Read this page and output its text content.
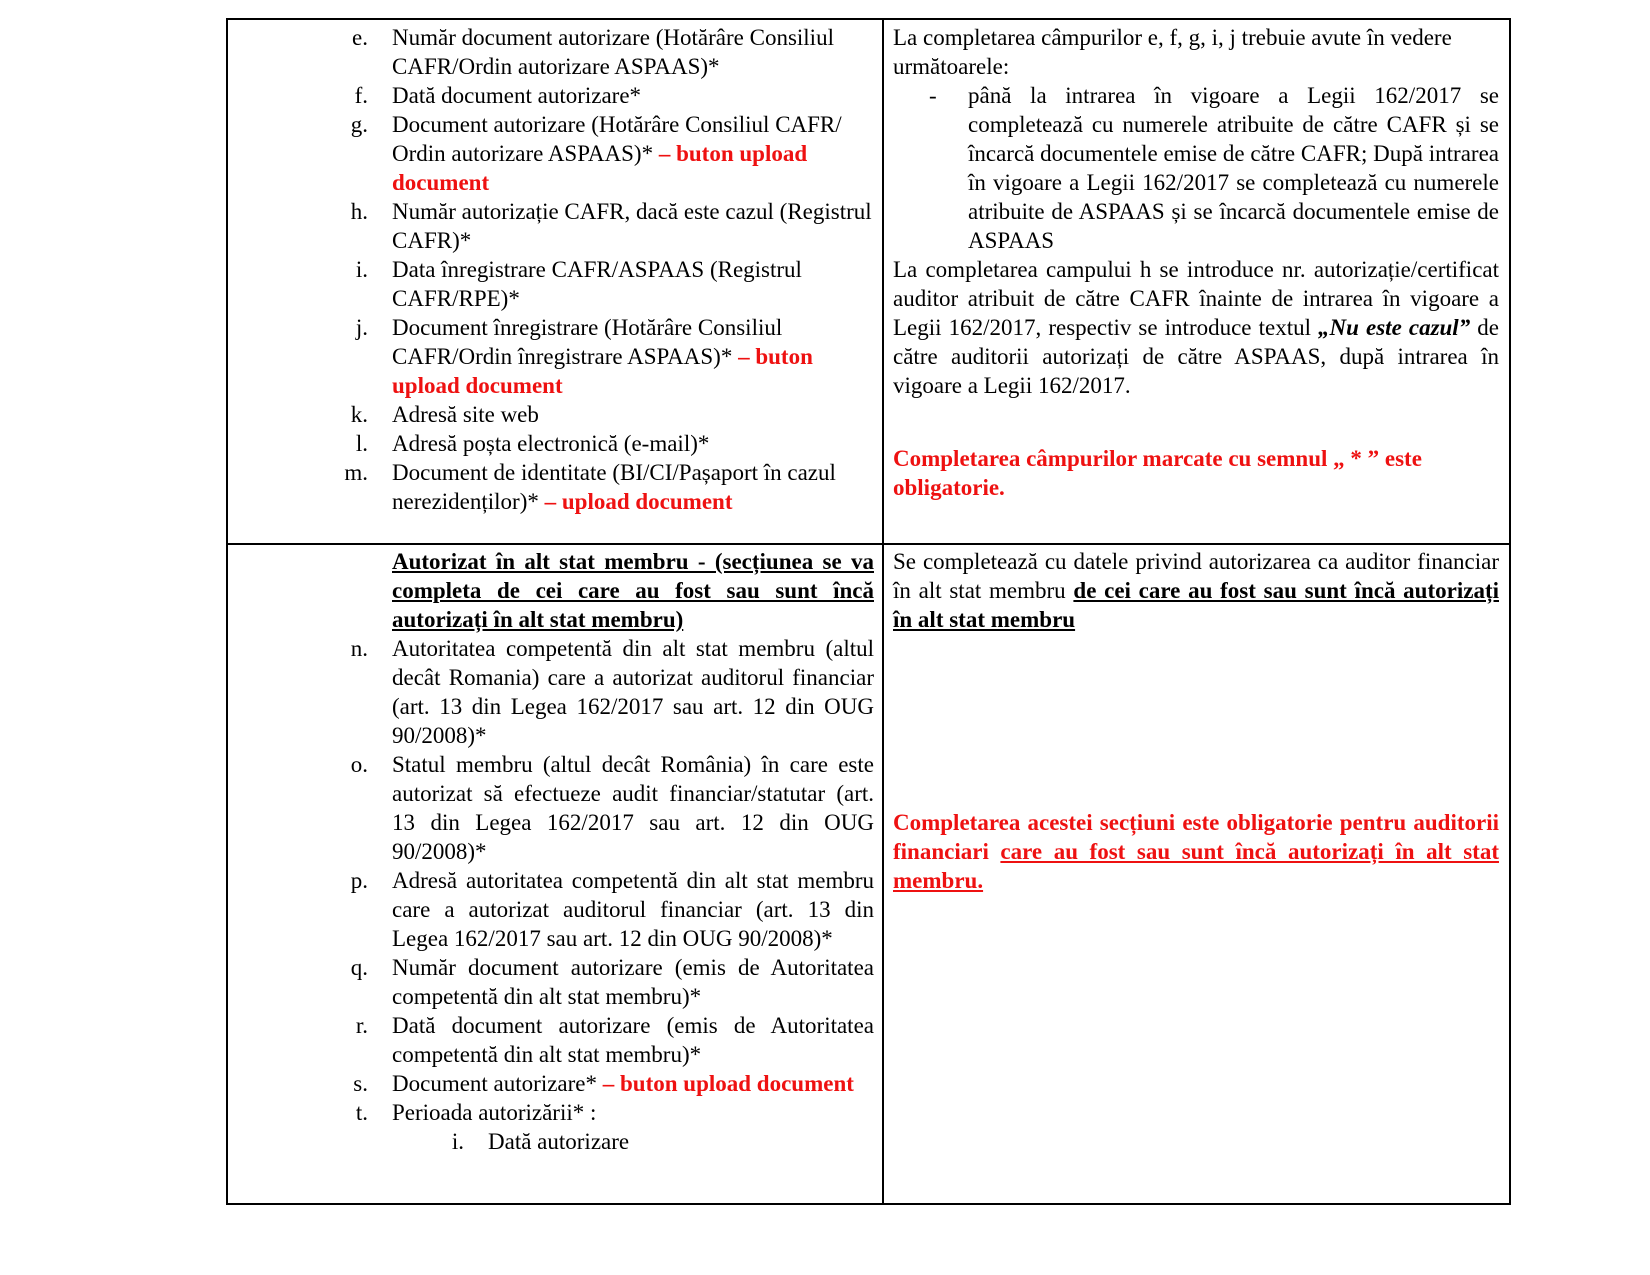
e. Număr document autorizare (Hotărâre Consiliul CAFR/Ordin autorizare ASPAAS)*
f. Dată document autorizare*
g. Document autorizare (Hotărâre Consiliul CAFR/ Ordin autorizare ASPAAS)* – buton upload document
h. Număr autorizație CAFR, dacă este cazul (Registrul CAFR)*
i. Data înregistrare CAFR/ASPAAS (Registrul CAFR/RPE)*
j. Document înregistrare (Hotărâre Consiliul CAFR/Ordin înregistrare ASPAAS)* – buton upload document
k. Adresă site web
l. Adresă poșta electronică (e-mail)*
m. Document de identitate (BI/CI/Pașaport în cazul nerezidenților)* – upload document
La completarea câmpurilor e, f, g, i, j trebuie avute în vedere următoarele:
- până la intrarea în vigoare a Legii 162/2017 se completează cu numerele atribuite de către CAFR și se încarcă documentele emise de către CAFR; După intrarea în vigoare a Legii 162/2017 se completează cu numerele atribuite de ASPAAS și se încarcă documentele emise de ASPAAS
La completarea campului h se introduce nr. autorizație/certificat auditor atribuit de către CAFR înainte de intrarea în vigoare a Legii 162/2017, respectiv se introduce textul „Nu este cazul” de către auditorii autorizați de către ASPAAS, după intrarea în vigoare a Legii 162/2017.
Completarea câmpurilor marcate cu semnul „ * ” este obligatorie.
Autorizat în alt stat membru - (secțiunea se va completa de cei care au fost sau sunt încă autorizați în alt stat membru)
n. Autoritatea competentă din alt stat membru (altul decât Romania) care a autorizat auditorul financiar (art. 13 din Legea 162/2017 sau art. 12 din OUG 90/2008)*
o. Statul membru (altul decât România) în care este autorizat să efectueze audit financiar/statutar (art. 13 din Legea 162/2017 sau art. 12 din OUG 90/2008)*
p. Adresă autoritatea competentă din alt stat membru care a autorizat auditorul financiar (art. 13 din Legea 162/2017 sau art. 12 din OUG 90/2008)*
q. Număr document autorizare (emis de Autoritatea competentă din alt stat membru)*
r. Dată document autorizare (emis de Autoritatea competentă din alt stat membru)*
s. Document autorizare* – buton upload document
t. Perioada autorizării* :
i. Dată autorizare
Se completează cu datele privind autorizarea ca auditor financiar în alt stat membru de cei care au fost sau sunt încă autorizați în alt stat membru
Completarea acestei secțiuni este obligatorie pentru auditorii financiari care au fost sau sunt încă autorizați în alt stat membru.
